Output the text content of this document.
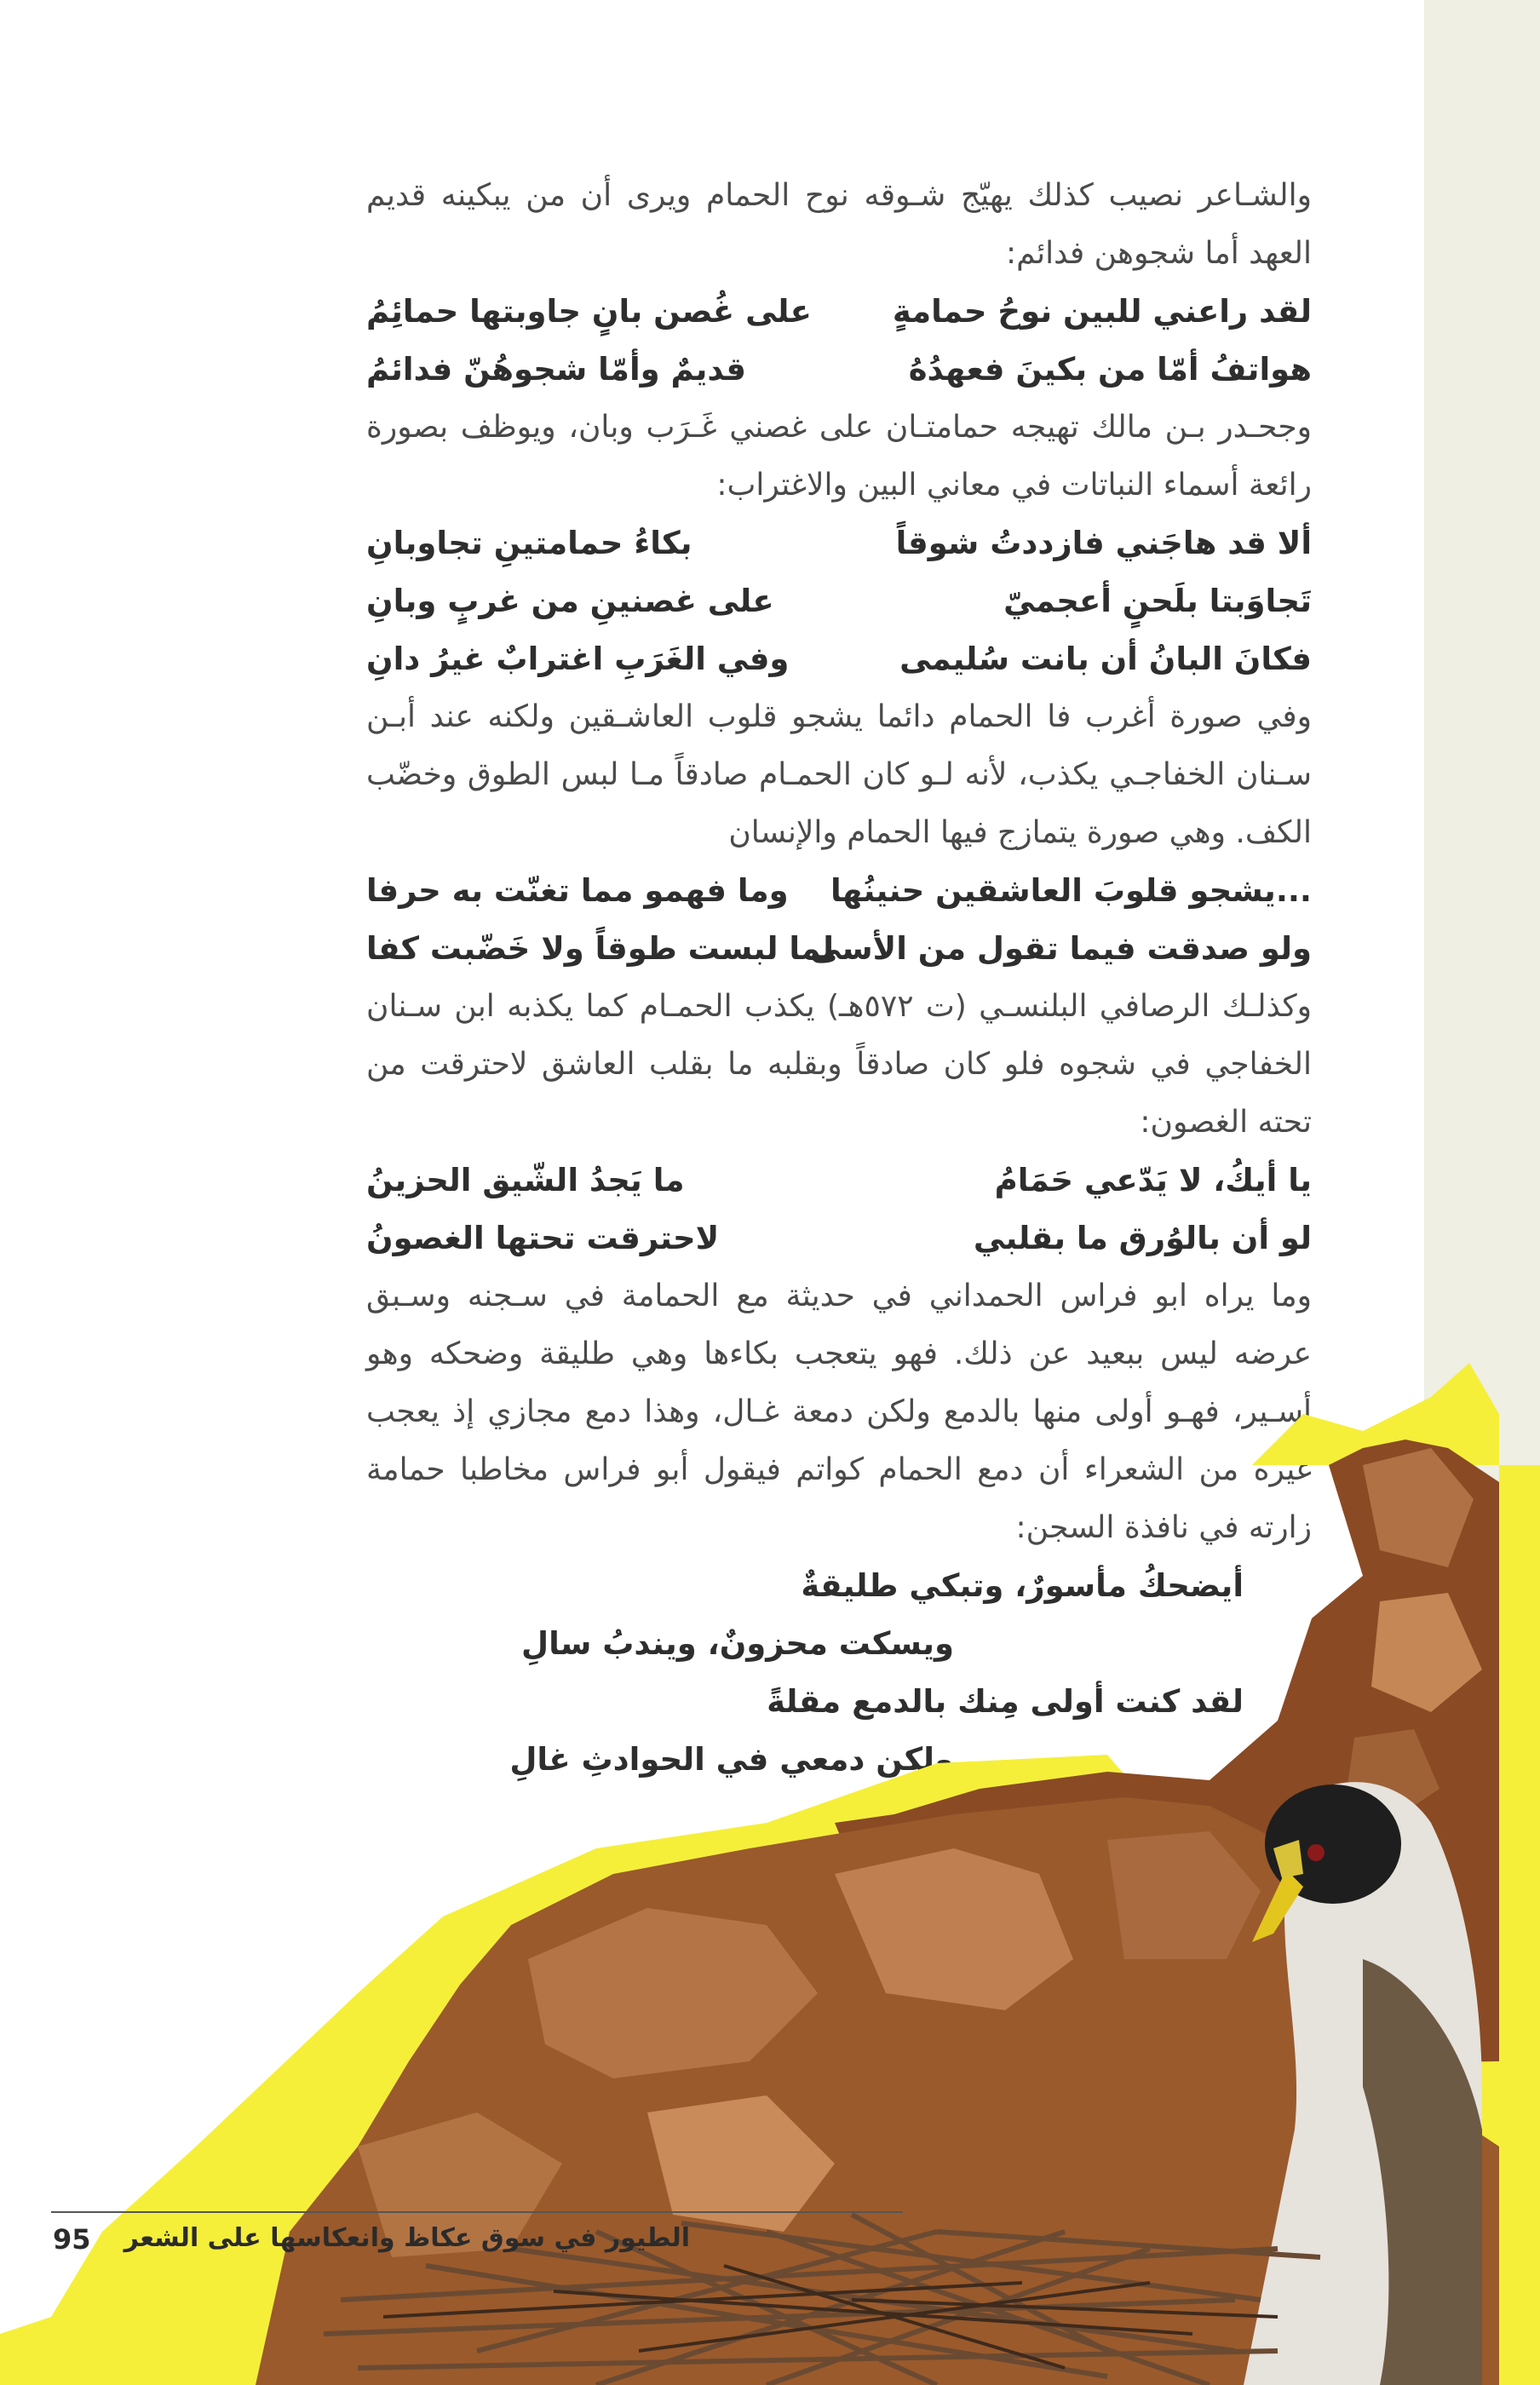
والشـاعر نصيب كذلك يهيّج شـوقه نوح الحمام ويرى أن من يبكينه قديم العهد أما شجوهن فدائم:

لقد راعني للبين نوحُ حمامةٍ
على غُصن بانٍ جاوبتها حمائِمُ
هواتفُ أمّا من بكينَ فعهدُهُ
قديمٌ وأمّا شجوهُنّ فدائمُ

وجحـدر بـن مالك تهيجه حمامتـان على غصني غَـرَب وبان، ويوظف بصورة رائعة أسماء النباتات في معاني البين والاغتراب:

ألا قد هاجَني فازددتُ شوقاً
بكاءُ حمامتينِ تجاوبانِ
تَجاوَبتا بلَحنٍ أعجميّ
على غصنينِ من غربٍ وبانِ
فكانَ البانُ أن بانت سُليمى
وفي الغَرَبِ اغترابٌ غيرُ دانِ

وفي صورة أغرب فا الحمام دائما يشجو قلوب العاشـقين ولكنه عند أبـن سـنان الخفاجـي يكذب، لأنه لـو كان الحمـام صادقاً مـا لبس الطوق وخضّب الكف. وهي صورة يتمازج فيها الحمام والإنسان

...يشجو قلوبَ العاشقين حنينُها
وما فهمو مما تغنّت به حرفا
ولو صدقت فيما تقول من الأسى
لما لبست طوقاً ولا خَضّبت كفا

وكذلـك الرصافي البلنسـي (ت ٥٧٢هـ) يكذب الحمـام كما يكذبه ابن سـنان الخفاجي في شجوه فلو كان صادقاً وبقلبه ما بقلب العاشق لاحترقت من تحته الغصون:

يا أيكُ، لا يَدّعي حَمَامُ
ما يَجدُ الشّيق الحزينُ
لو أن بالوُرق ما بقلبي
لاحترقت تحتها الغصونُ

وما يراه ابو فراس الحمداني في حديثة مع الحمامة في سـجنه وسـبق عرضه ليس ببعيد عن ذلك. فهو يتعجب بكاءها وهي طليقة وضحكه وهو أسـير، فهـو أولى منها بالدمع ولكن دمعة غـال، وهذا دمع مجازي إذ يعجب غيره من الشعراء أن دمع الحمام كواتم فيقول أبو فراس مخاطبا حمامة زارته في نافذة السجن:

أيضحكُ مأسورٌ، وتبكي طليقةٌ
ويسكت محزونٌ، ويندبُ سالِ
لقد كنت أولى مِنك بالدمع مقلةً
ولكن دمعي في الحوادثِ غالِ
الطيور في سوق عكاظ وانعكاسها على الشعر
95
